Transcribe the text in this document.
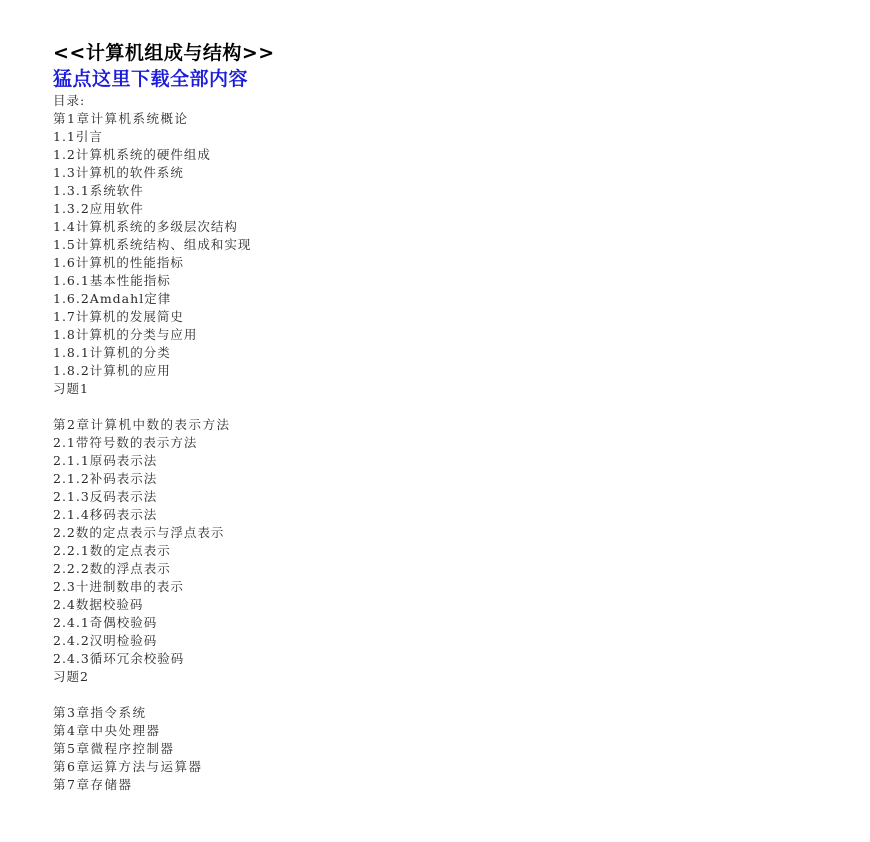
<<计算机组成与结构>>
猛点这里下载全部内容
目录:
第1章计算机系统概论
1.1引言
1.2计算机系统的硬件组成
1.3计算机的软件系统
1.3.1系统软件
1.3.2应用软件
1.4计算机系统的多级层次结构
1.5计算机系统结构、组成和实现
1.6计算机的性能指标
1.6.1基本性能指标
1.6.2Amdahl定律
1.7计算机的发展简史
1.8计算机的分类与应用
1.8.1计算机的分类
1.8.2计算机的应用
习题1
第2章计算机中数的表示方法
2.1带符号数的表示方法
2.1.1原码表示法
2.1.2补码表示法
2.1.3反码表示法
2.1.4移码表示法
2.2数的定点表示与浮点表示
2.2.1数的定点表示
2.2.2数的浮点表示
2.3十进制数串的表示
2.4数据校验码
2.4.1奇偶校验码
2.4.2汉明检验码
2.4.3循环冗余校验码
习题2
第3章指令系统
第4章中央处理器
第5章微程序控制器
第6章运算方法与运算器
第7章存储器
